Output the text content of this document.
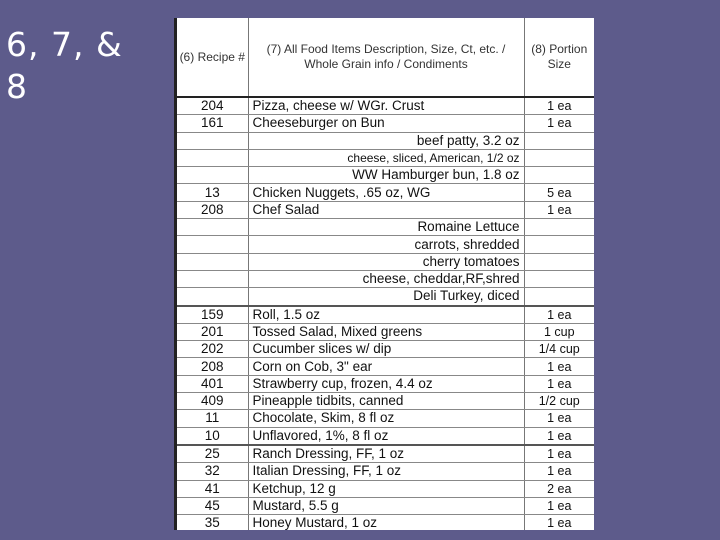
6, 7, & 8
(6) Recipe #	(7) All Food Items Description, Size, Ct, etc. / Whole Grain info / Condiments	(8) Portion Size
204	Pizza, cheese w/ WGr. Crust	1 ea
161	Cheeseburger on Bun	1 ea
	beef patty, 3.2 oz	
	cheese, sliced, American, 1/2 oz	
	WW Hamburger bun, 1.8 oz	
13	Chicken Nuggets, .65 oz, WG	5 ea
208	Chef Salad	1 ea
	Romaine Lettuce	
	carrots, shredded	
	cherry tomatoes	
	cheese, cheddar,RF,shred	
	Deli Turkey, diced	
159	Roll, 1.5 oz	1 ea
201	Tossed Salad, Mixed greens	1 cup
202	Cucumber slices w/ dip	1/4 cup
208	Corn on Cob, 3" ear	1 ea
401	Strawberry cup, frozen, 4.4 oz	1 ea
409	Pineapple tidbits, canned	1/2 cup
11	Chocolate, Skim, 8 fl oz	1 ea
10	Unflavored, 1%, 8 fl oz	1 ea
25	Ranch Dressing, FF, 1 oz	1 ea
32	Italian Dressing, FF, 1 oz	1 ea
41	Ketchup, 12 g	2 ea
45	Mustard, 5.5 g	1 ea
35	Honey Mustard, 1 oz	1 ea
